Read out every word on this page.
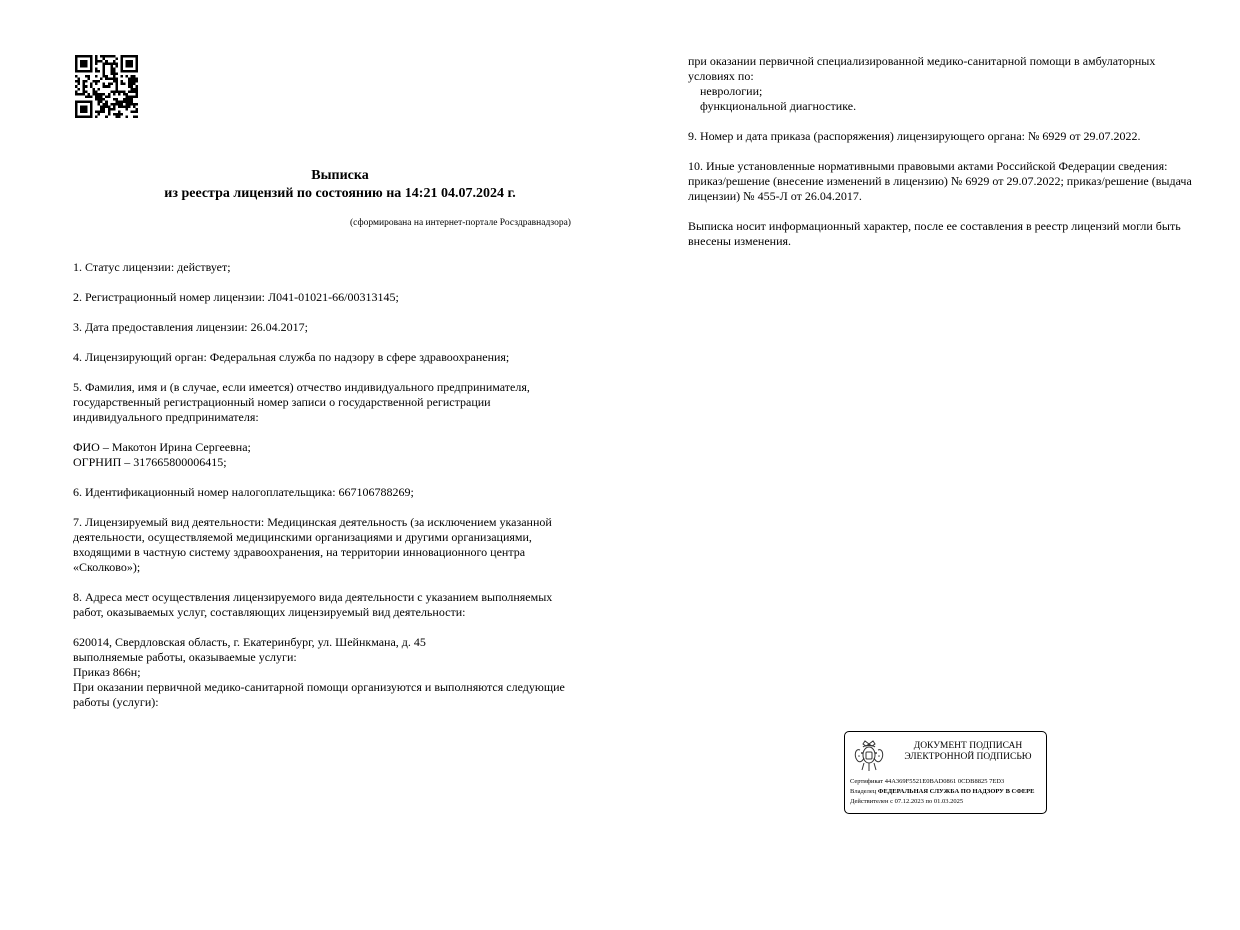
Выписка
из реестра лицензий по состоянию на 14:21 04.07.2024 г.
(сформирована на интернет-портале Росздравнадзора)
1. Статус лицензии: действует;
2. Регистрационный номер лицензии: Л041-01021-66/00313145;
3. Дата предоставления лицензии: 26.04.2017;
4. Лицензирующий орган: Федеральная служба по надзору в сфере здравоохранения;
5. Фамилия, имя и (в случае, если имеется) отчество индивидуального предпринимателя,
государственный регистрационный номер записи о государственной регистрации
индивидуального предпринимателя:
ФИО – Макотон Ирина Сергеевна;
ОГРНИП – 317665800006415;
6. Идентификационный номер налогоплательщика: 667106788269;
7. Лицензируемый вид деятельности: Медицинская деятельность (за исключением указанной
деятельности, осуществляемой медицинскими организациями и другими организациями,
входящими в частную систему здравоохранения, на территории инновационного центра
«Сколково»);
8. Адреса мест осуществления лицензируемого вида деятельности с указанием выполняемых
работ, оказываемых услуг, составляющих лицензируемый вид деятельности:
620014, Свердловская область, г. Екатеринбург, ул. Шейнкмана, д. 45
выполняемые работы, оказываемые услуги:
Приказ 866н;
При оказании первичной медико-санитарной помощи организуются и выполняются следующие
работы (услуги):
при оказании первичной специализированной медико-санитарной помощи в амбулаторных
условиях по:
неврологии;
функциональной диагностике.
9. Номер и дата приказа (распоряжения) лицензирующего органа: № 6929 от 29.07.2022.
10. Иные установленные нормативными правовыми актами Российской Федерации сведения:
приказ/решение (внесение изменений в лицензию) № 6929 от 29.07.2022; приказ/решение (выдача
лицензии) № 455-Л от 26.04.2017.
Выписка носит информационный характер, после ее составления в реестр лицензий могли быть
внесены изменения.
ДОКУМЕНТ ПОДПИСАН
ЭЛЕКТРОННОЙ ПОДПИСЬЮ
Сертификат 44A369F5521E0BAD0861 0CDB8825 7ED3
Владелец ФЕДЕРАЛЬНАЯ СЛУЖБА ПО НАДЗОРУ В СФЕРЕ
Действителен с 07.12.2023 по 01.03.2025
